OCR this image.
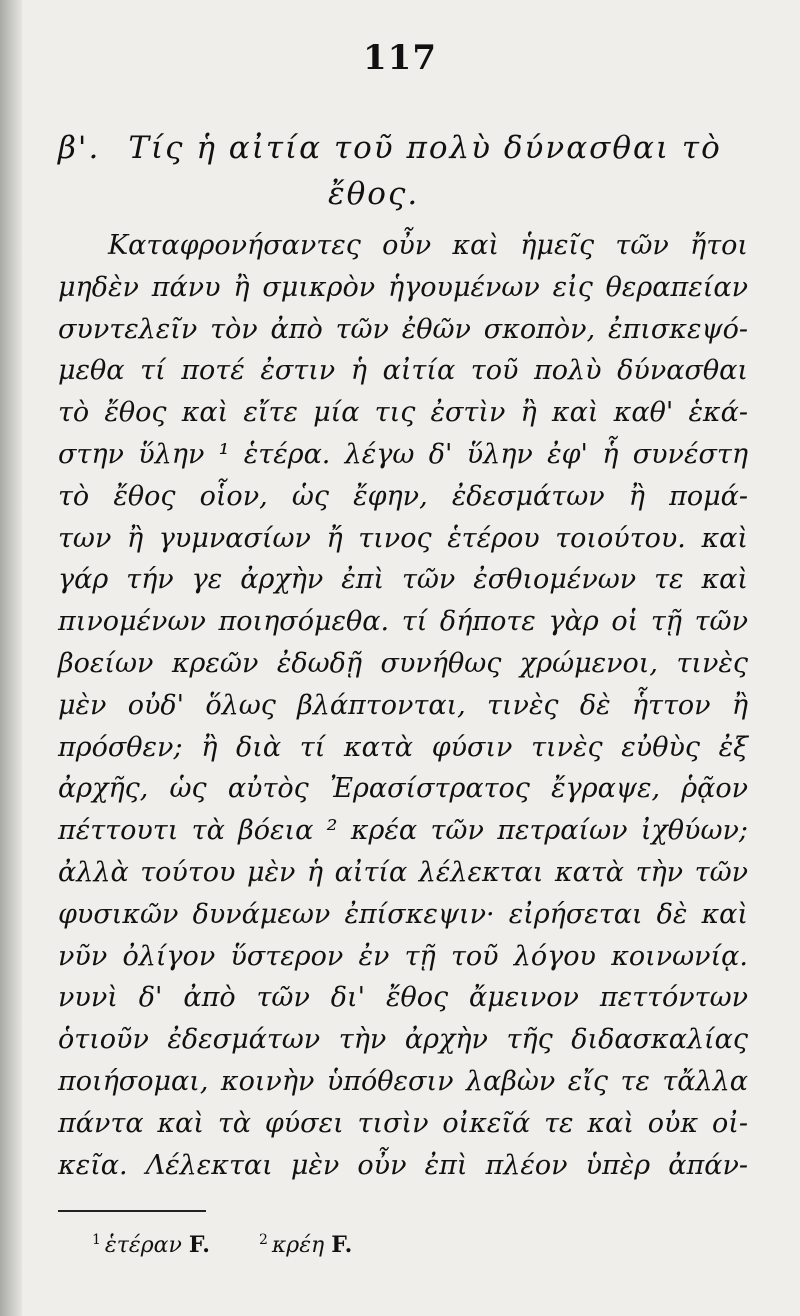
117
β'. Τίς ἡ αἰτία τοῦ πολὺ δύνασθαι τὸ
ἔθος.
Καταφρονήσαντες οὖν καὶ ἡμεῖς τῶν ἤτοι
μηδὲν πάνυ ἢ σμικρὸν ἡγουμένων εἰς θεραπείαν
συντελεῖν τὸν ἀπὸ τῶν ἐθῶν σκοπὸν, ἐπισκεψό-
μεθα τί ποτέ ἐστιν ἡ αἰτία τοῦ πολὺ δύνασθαι
τὸ ἔθος καὶ εἴτε μία τις ἐστὶν ἢ καὶ καθ' ἑκά-
στην ὕλην ¹ ἑτέρα. λέγω δ' ὕλην ἐφ' ἧ συνέστη
τὸ ἔθος οἷον, ὡς ἔφην, ἐδεσμάτων ἢ πομά-
των ἢ γυμνασίων ἤ τινος ἑτέρου τοιούτου. καὶ
γάρ τήν γε ἀρχὴν ἐπὶ τῶν ἐσθιομένων τε καὶ
πινομένων ποιησόμεθα. τί δήποτε γὰρ οἱ τῇ τῶν
βοείων κρεῶν ἐδωδῇ συνήθως χρώμενοι, τινὲς
μὲν οὐδ' ὅλως βλάπτονται, τινὲς δὲ ἧττον ἢ
πρόσθεν; ἢ διὰ τί κατὰ φύσιν τινὲς εὐθὺς ἐξ
ἀρχῆς, ὡς αὐτὸς Ἐρασίστρατος ἔγραψε, ῥᾷον
πέττουτι τὰ βόεια ² κρέα τῶν πετραίων ἰχθύων;
ἀλλὰ τούτου μὲν ἡ αἰτία λέλεκται κατὰ τὴν τῶν
φυσικῶν δυνάμεων ἐπίσκεψιν· εἰρήσεται δὲ καὶ
νῦν ὀλίγον ὕστερον ἐν τῇ τοῦ λόγου κοινωνίᾳ.
νυνὶ δ' ἀπὸ τῶν δι' ἔθος ἄμεινον πεττόντων
ὁτιοῦν ἐδεσμάτων τὴν ἀρχὴν τῆς διδασκαλίας
ποιήσομαι, κοινὴν ὑπόθεσιν λαβὼν εἴς τε τἄλλα
πάντα καὶ τὰ φύσει τισὶν οἰκεῖά τε καὶ οὐκ οἰ-
κεῖα. Λέλεκται μὲν οὖν ἐπὶ πλέον ὑπὲρ ἀπάν-
$^1$ ἑτέραν F.	$^2$ κρέη F.
